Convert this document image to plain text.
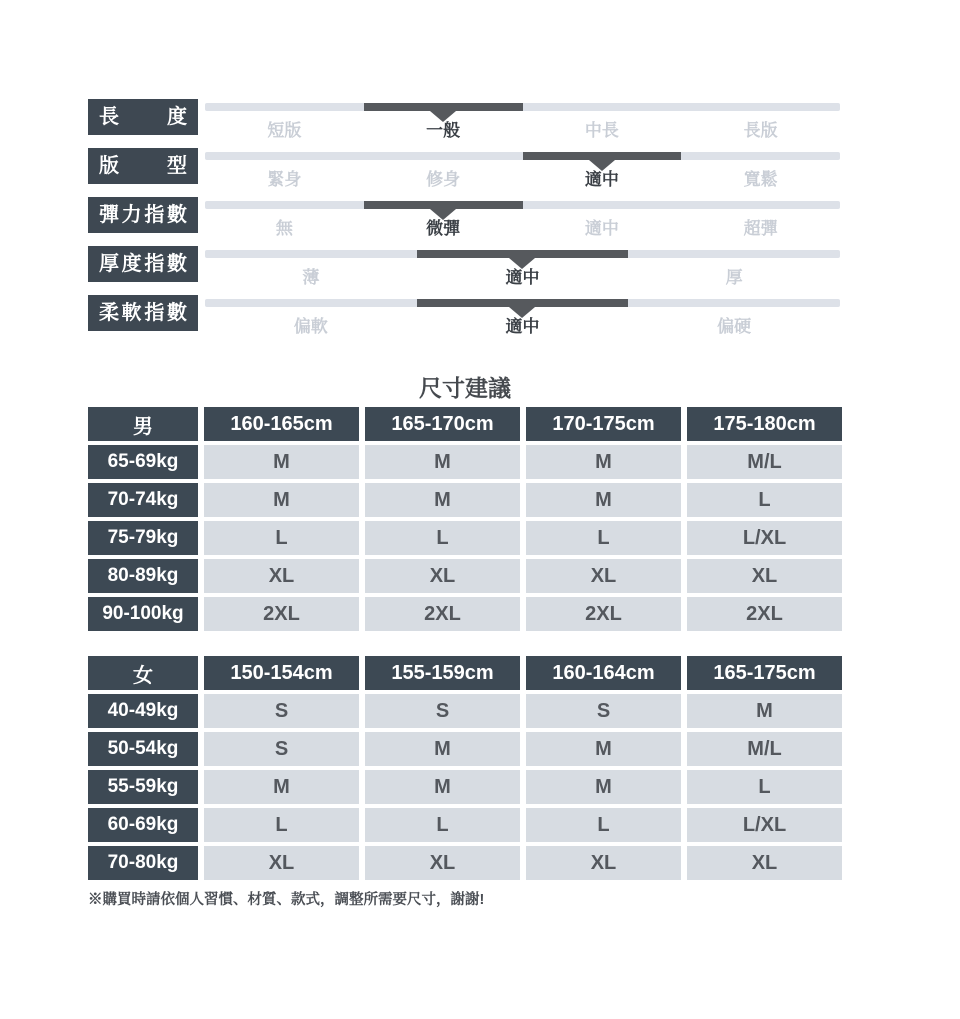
長度
短版	一般	中長	長版
版型
緊身	修身	適中	寬鬆
彈力指數
無	微彈	適中	超彈
厚度指數
薄	適中	厚
柔軟指數
偏軟	適中	偏硬
尺寸建議
男	160-165cm	165-170cm	170-175cm	175-180cm
65-69kg	M	M	M	M/L
70-74kg	M	M	M	L
75-79kg	L	L	L	L/XL
80-89kg	XL	XL	XL	XL
90-100kg	2XL	2XL	2XL	2XL
女	150-154cm	155-159cm	160-164cm	165-175cm
40-49kg	S	S	S	M
50-54kg	S	M	M	M/L
55-59kg	M	M	M	L
60-69kg	L	L	L	L/XL
70-80kg	XL	XL	XL	XL

※購買時請依個人習慣、材質、款式，調整所需要尺寸，謝謝!
